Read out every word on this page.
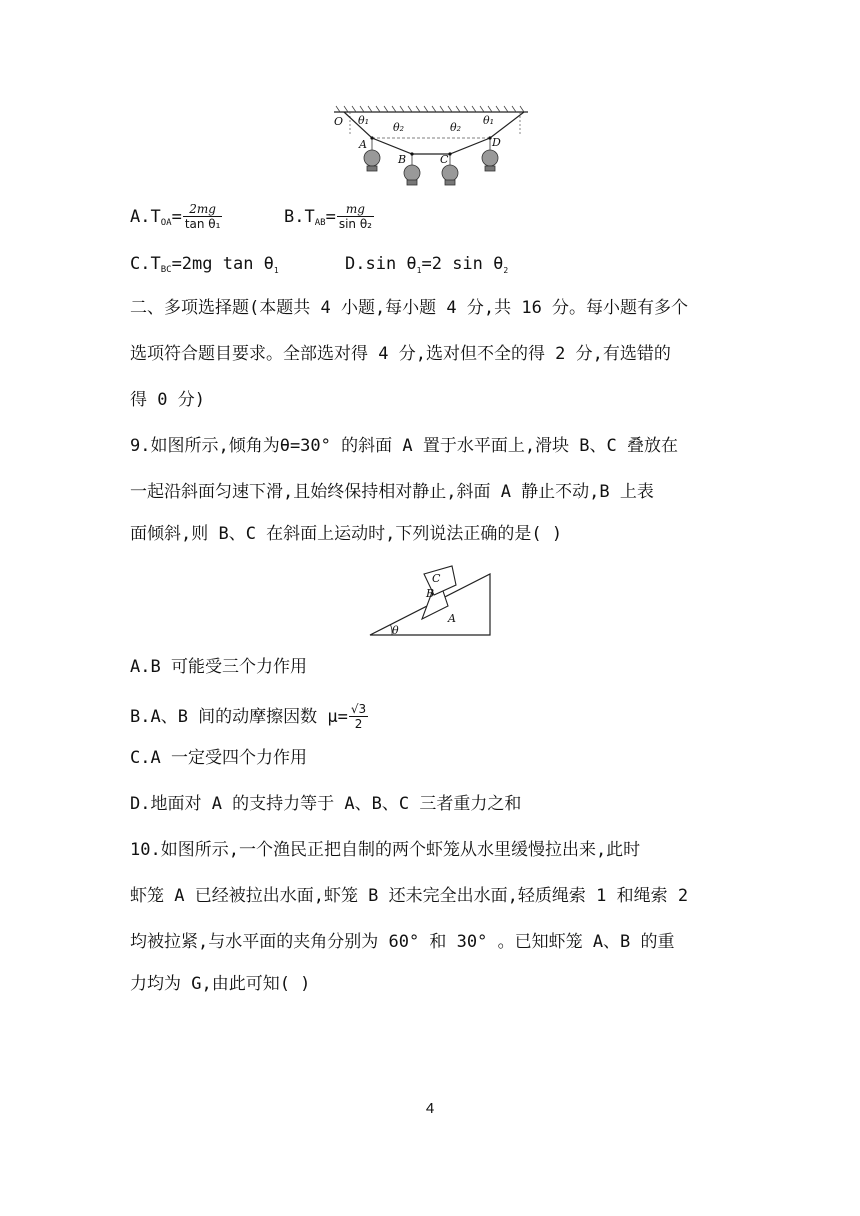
O θ₁
θ₂	θ₂
θ₁
A
B	C
D
$A.T_{OA}= \frac{2mg}{\text{tan θ₁}}$	$B.T_{AB}= \frac{mg}{\text{sin θ₂}}$
$C.T_{BC}=2mg$ $\tan \theta_1$	D.sin $\theta_1=2$ $\sin \theta_2$
二、多项选择题(本题共 4 小题,每小题 4 分,共 16 分。每小题有多个
选项符合题目要求。全部选对得 4 分,选对但不全的得 2 分,有选错的
得 0 分)
9.如图所示,倾角为θ=30° 的斜面 A 置于水平面上,滑块 B、C 叠放在
一起沿斜面匀速下滑,且始终保持相对静止,斜面 A 静止不动,B 上表
面倾斜,则 B、C 在斜面上运动时,下列说法正确的是( )
C
B
A
θ
A.B 可能受三个力作用
B.A、B 间的动摩擦因数 $\mu= \frac{√3}{2}$
C.A 一定受四个力作用
D.地面对 A 的支持力等于 A、B、C 三者重力之和
10.如图所示,一个渔民正把自制的两个虾笼从水里缓慢拉出来,此时
虾笼 A 已经被拉出水面,虾笼 B 还未完全出水面,轻质绳索 1 和绳索 2
均被拉紧,与水平面的夹角分别为 60° 和 30° 。已知虾笼 A、B 的重
力均为 G,由此可知( )
4
